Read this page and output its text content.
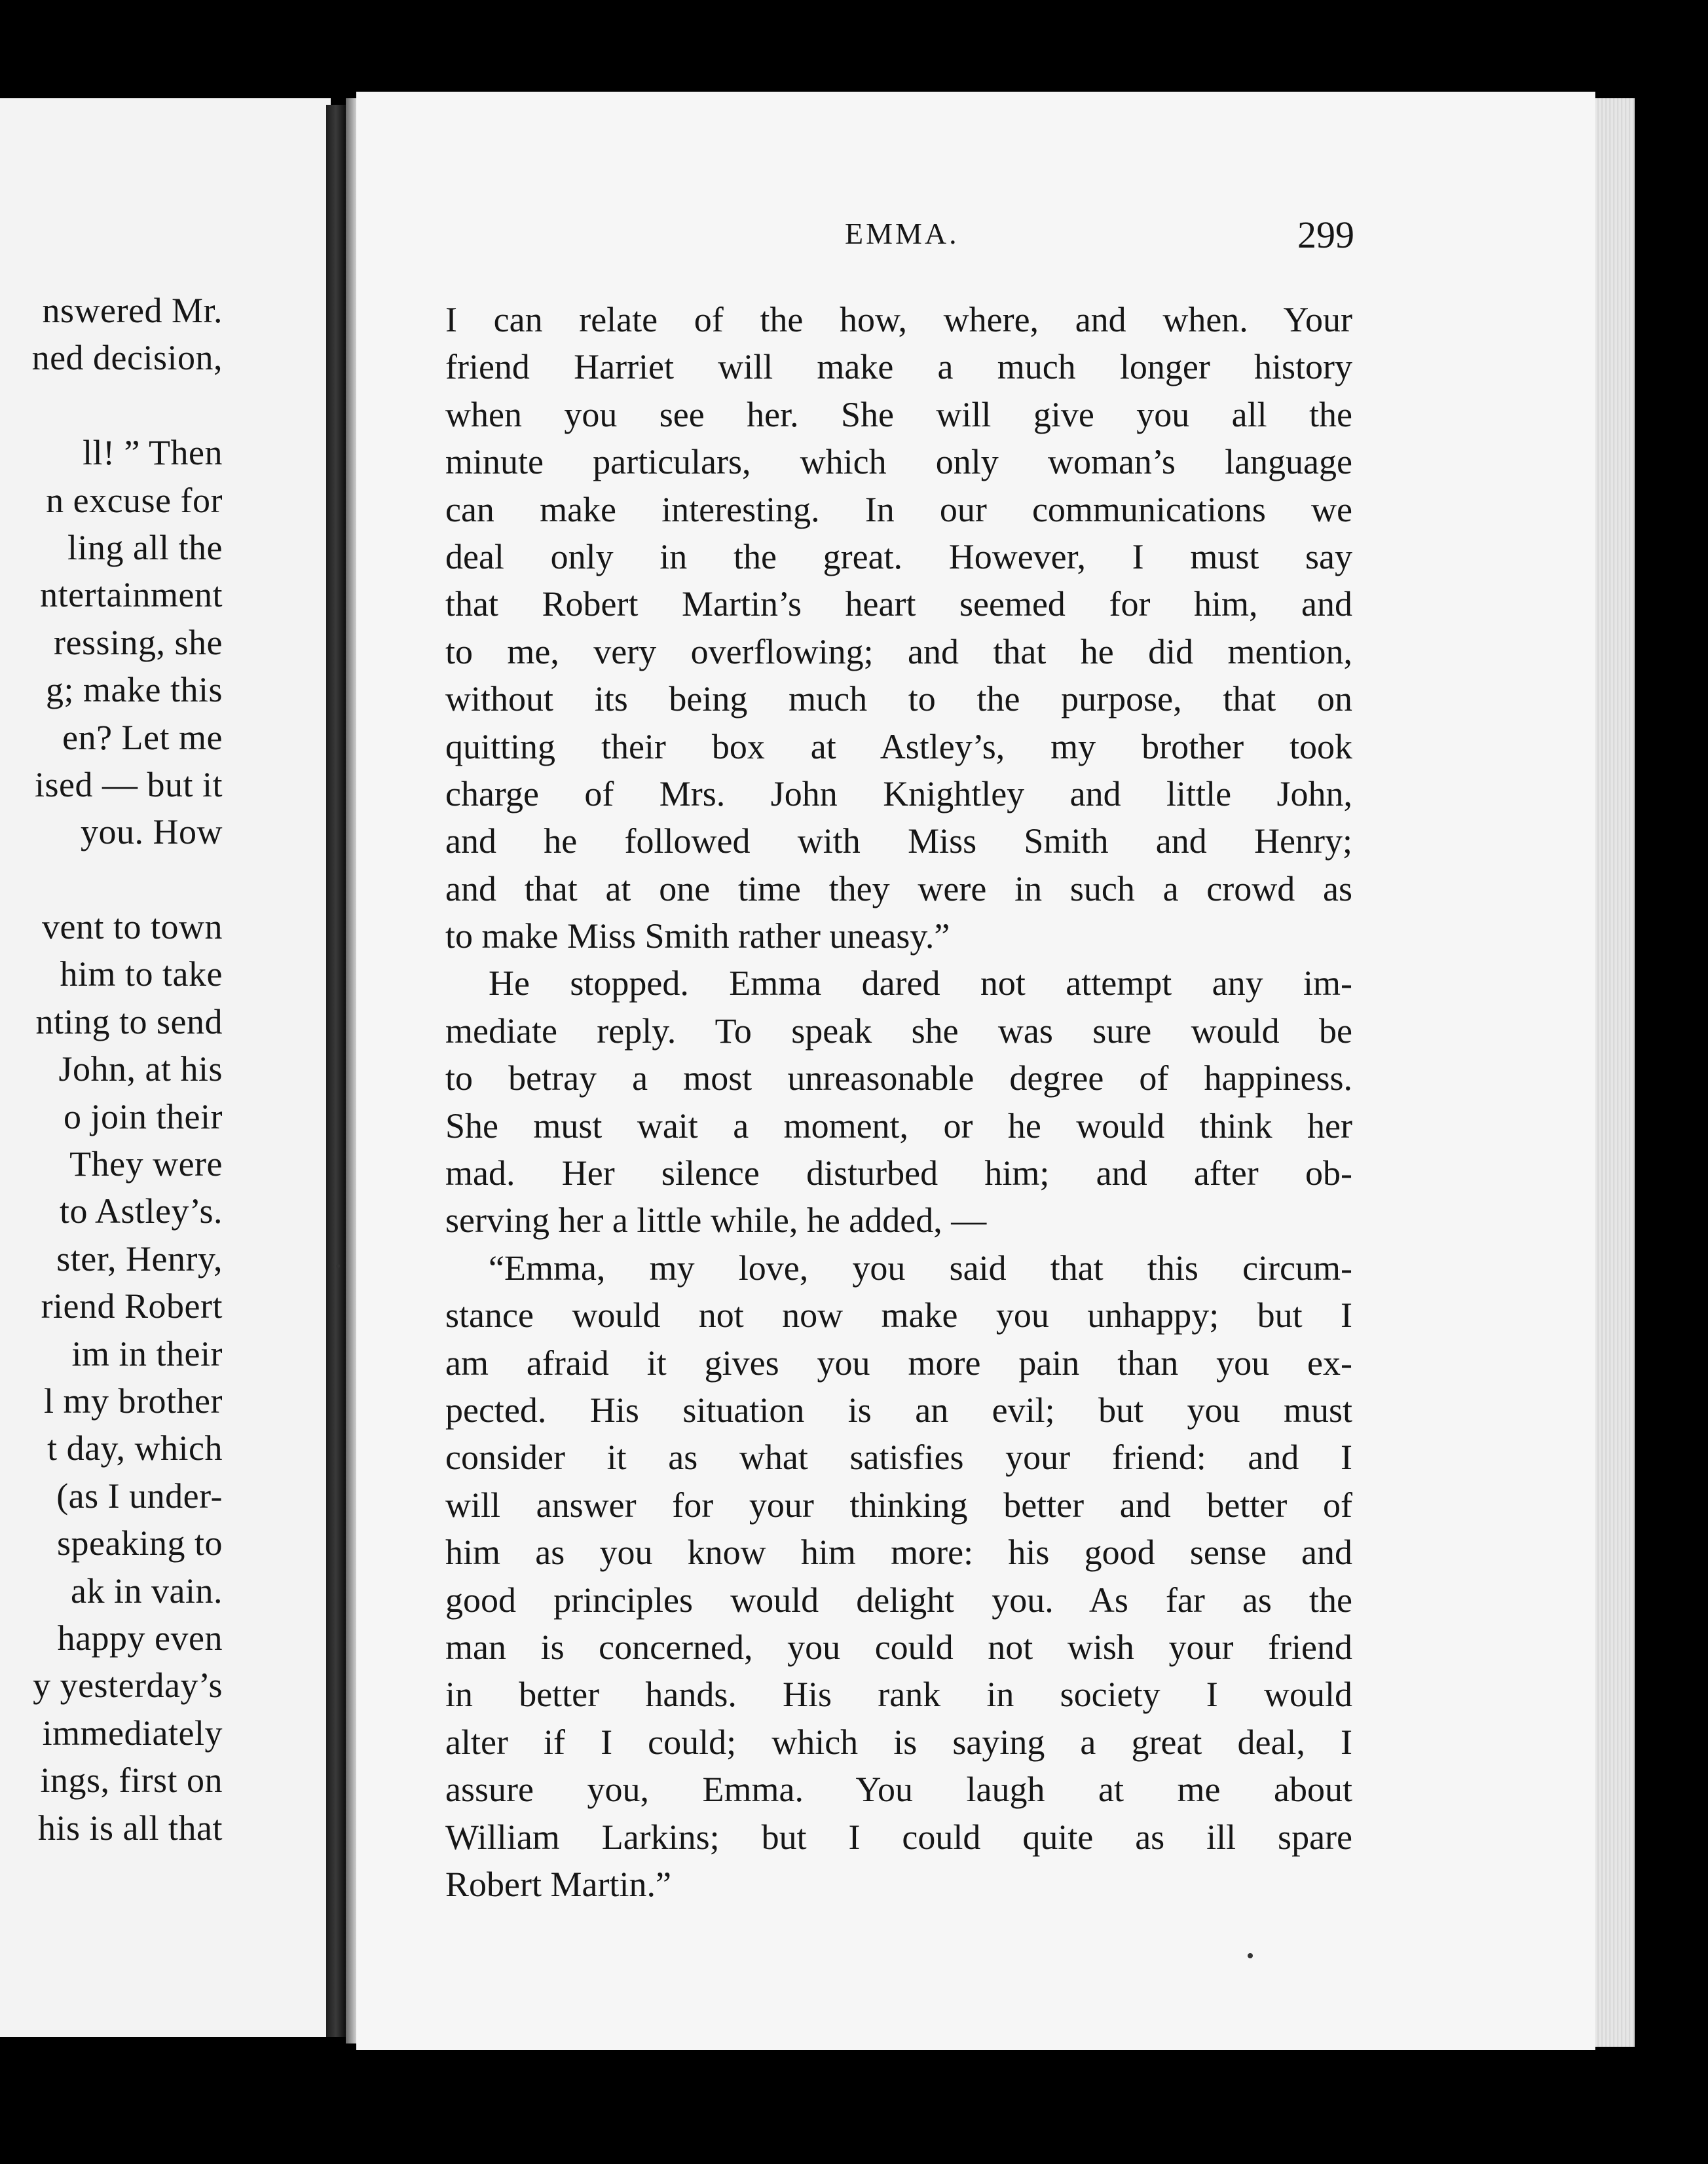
nswered Mr.
ned decision,
ll! ” Then
n excuse for
ling all the
ntertainment
ressing, she
g; make this
en? Let me
ised — but it
you. How
vent to town
him to take
nting to send
John, at his
o join their
They were
to Astley’s.
ster, Henry,
riend Robert
im in their
l my brother
t day, which
(as I under-
speaking to
ak in vain.
happy even
y yesterday’s
immediately
ings, first on
his is all that
EMMA.	299
I can relate of the how, where, and when. Your
friend Harriet will make a much longer history
when you see her. She will give you all the
minute particulars, which only woman’s language
can make interesting. In our communications we
deal only in the great. However, I must say
that Robert Martin’s heart seemed for him, and
to me, very overflowing; and that he did mention,
without its being much to the purpose, that on
quitting their box at Astley’s, my brother took
charge of Mrs. John Knightley and little John,
and he followed with Miss Smith and Henry;
and that at one time they were in such a crowd as
to make Miss Smith rather uneasy.”
He stopped. Emma dared not attempt any im-
mediate reply. To speak she was sure would be
to betray a most unreasonable degree of happiness.
She must wait a moment, or he would think her
mad. Her silence disturbed him; and after ob-
serving her a little while, he added, —
“Emma, my love, you said that this circum-
stance would not now make you unhappy; but I
am afraid it gives you more pain than you ex-
pected. His situation is an evil; but you must
consider it as what satisfies your friend: and I
will answer for your thinking better and better of
him as you know him more: his good sense and
good principles would delight you. As far as the
man is concerned, you could not wish your friend
in better hands. His rank in society I would
alter if I could; which is saying a great deal, I
assure you, Emma. You laugh at me about
William Larkins; but I could quite as ill spare
Robert Martin.”
